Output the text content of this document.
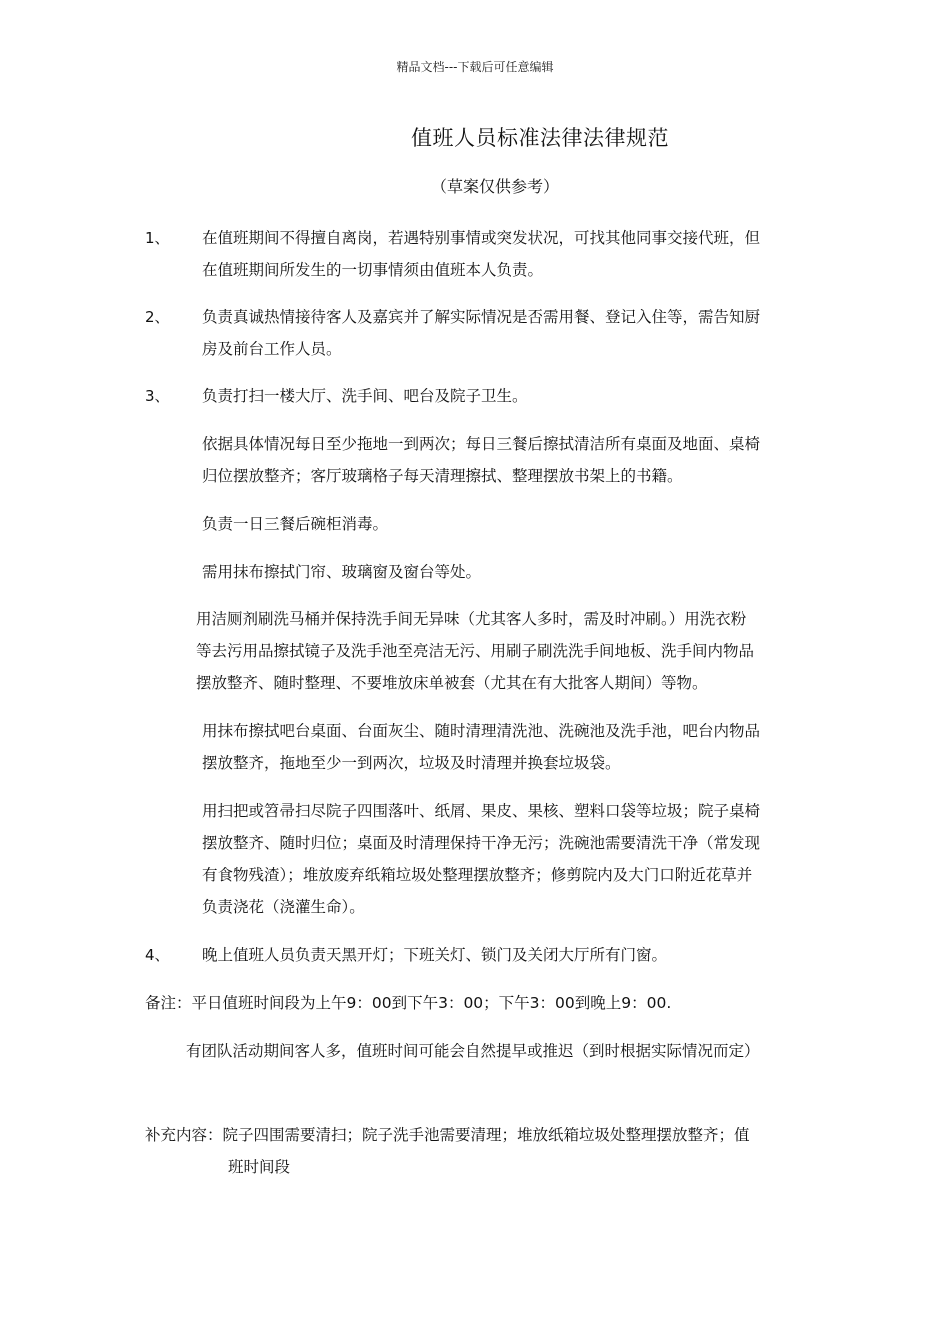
精品文档---下载后可任意编辑
值班人员标准法律法律规范
（草案仅供参考）
1、 在值班期间不得擅自离岗，若遇特别事情或突发状况，可找其他同事交接代班，但
在值班期间所发生的一切事情须由值班本人负责。
2、 负责真诚热情接待客人及嘉宾并了解实际情况是否需用餐、登记入住等，需告知厨
房及前台工作人员。
3、 负责打扫一楼大厅、洗手间、吧台及院子卫生。
依据具体情况每日至少拖地一到两次；每日三餐后擦拭清洁所有桌面及地面、桌椅
归位摆放整齐；客厅玻璃格子每天清理擦拭、整理摆放书架上的书籍。
负责一日三餐后碗柜消毒。
需用抹布擦拭门帘、玻璃窗及窗台等处。
用洁厕剂刷洗马桶并保持洗手间无异味（尤其客人多时，需及时冲刷。）用洗衣粉
等去污用品擦拭镜子及洗手池至亮洁无污、用刷子刷洗洗手间地板、洗手间内物品
摆放整齐、随时整理、不要堆放床单被套（尤其在有大批客人期间）等物。
用抹布擦拭吧台桌面、台面灰尘、随时清理清洗池、洗碗池及洗手池，吧台内物品
摆放整齐，拖地至少一到两次，垃圾及时清理并换套垃圾袋。
用扫把或笤帚扫尽院子四围落叶、纸屑、果皮、果核、塑料口袋等垃圾；院子桌椅
摆放整齐、随时归位；桌面及时清理保持干净无污；洗碗池需要清洗干净（常发现
有食物残渣）；堆放废弃纸箱垃圾处整理摆放整齐；修剪院内及大门口附近花草并
负责浇花（浇灌生命）。
4、 晚上值班人员负责天黑开灯；下班关灯、锁门及关闭大厅所有门窗。
备注：平日值班时间段为上午9：00到下午3：00；下午3：00到晚上9：00.
有团队活动期间客人多，值班时间可能会自然提早或推迟（到时根据实际情况而定）
补充内容：院子四围需要清扫；院子洗手池需要清理；堆放纸箱垃圾处整理摆放整齐；值
班时间段
